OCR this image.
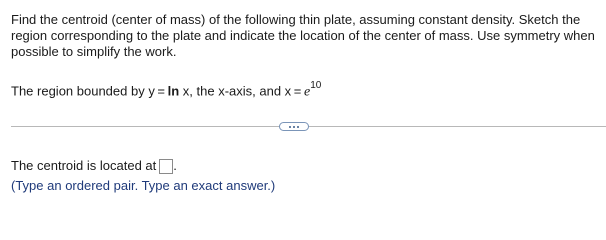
Find the centroid (center of mass) of the following thin plate, assuming constant density. Sketch the region corresponding to the plate and indicate the location of the center of mass. Use symmetry when possible to simplify the work.
The region bounded by y = ln x, the x-axis, and $x = e^{10}$
The centroid is located at .
(Type an ordered pair. Type an exact answer.)
